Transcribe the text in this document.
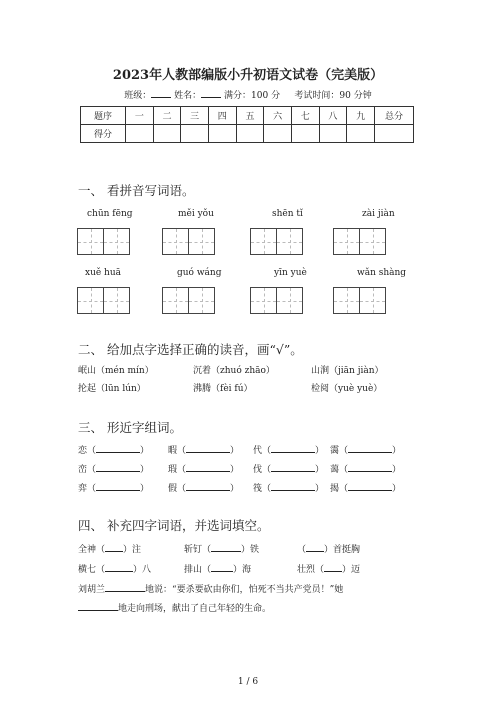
2023年人教部编版小升初语文试卷（完美版）
班级：	姓名：	满分：100 分 考试时间：90 分钟
题序	一	二	三	四	五	六	七	八	九	总分
得分										
一、 看拼音写词语。
chūn fēng	měi yǒu	shēn tǐ	zài jiàn
xuě huā	guó wáng	yīn yuè	wǎn shàng
二、 给加点字选择正确的读音，画“√”。
岷山（mén mín）	沉着（zhuó zhāo）	山涧（jiān jiàn）
抡起（lūn lún）	沸腾（fèi fú）	检阅（yuè yuè）
三、 形近字组词。
恋（	） 暇（	） 代（	） 霭（	）
峦（	） 瑕（	） 伐（	） 蔼（	）
弈（	） 假（	） 筏（	） 揭（	）
四、 补充四字词语，并选词填空。
全神（ ）注	斩钉（	）铁	（ ）首挺胸
横七（	）八	排山（ ）海	壮烈（ ）迈
刘胡兰	地说：“要杀要砍由你们，怕死不当共产党员！”她
地走向刑场，献出了自己年轻的生命。
1 / 6
